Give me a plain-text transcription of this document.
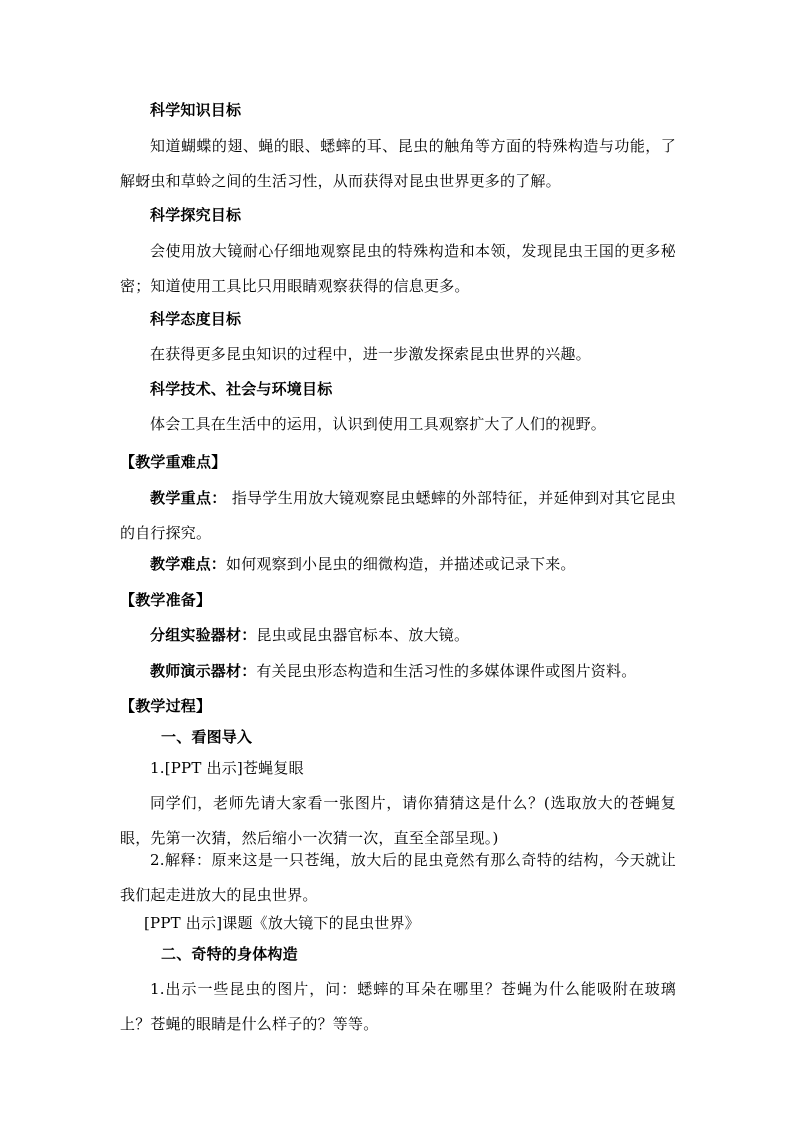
科学知识目标

知道蝴蝶的翅、蝇的眼、蟋蟀的耳、昆虫的触角等方面的特殊构造与功能，了解蚜虫和草蛉之间的生活习性，从而获得对昆虫世界更多的了解。

科学探究目标

会使用放大镜耐心仔细地观察昆虫的特殊构造和本领，发现昆虫王国的更多秘密；知道使用工具比只用眼睛观察获得的信息更多。

科学态度目标
在获得更多昆虫知识的过程中，进一步激发探索昆虫世界的兴趣。
科学技术、社会与环境目标
体会工具在生活中的运用，认识到使用工具观察扩大了人们的视野。
【教学重难点】

教学重点： 指导学生用放大镜观察昆虫蟋蟀的外部特征，并延伸到对其它昆虫的自行探究。

教学难点：如何观察到小昆虫的细微构造，并描述或记录下来。
【教学准备】
分组实验器材：昆虫或昆虫器官标本、放大镜。
教师演示器材：有关昆虫形态构造和生活习性的多媒体课件或图片资料。
【教学过程】
一、看图导入
1.[PPT 出示]苍蝇复眼

同学们，老师先请大家看一张图片，请你猜猜这是什么？(选取放大的苍蝇复眼，先第一次猜，然后缩小一次猜一次，直至全部呈现。)

2.解释：原来这是一只苍绳，放大后的昆虫竟然有那么奇特的结构，今天就让我们起走进放大的昆虫世界。

[PPT 出示]课题《放大镜下的昆虫世界》
二、奇特的身体构造

1.出示一些昆虫的图片，问：蟋蟀的耳朵在哪里？苍蝇为什么能吸附在玻璃上？苍蝇的眼睛是什么样子的？等等。
